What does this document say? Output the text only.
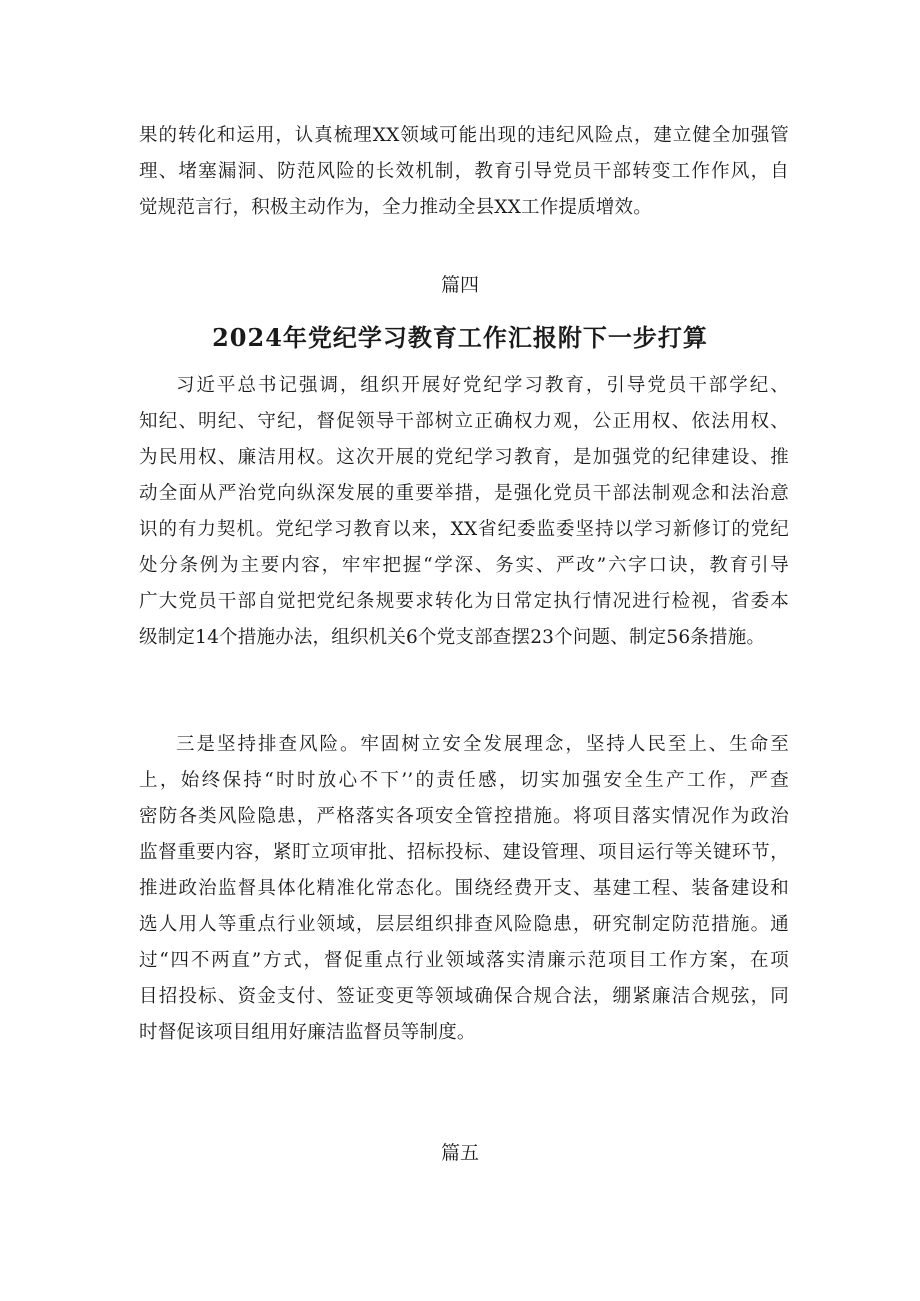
果的转化和运用，认真梳理XX领域可能出现的违纪风险点，建立健全加强管
理、堵塞漏洞、防范风险的长效机制，教育引导党员干部转变工作作风，自
觉规范言行，积极主动作为，全力推动全县XX工作提质增效。

篇四

2024年党纪学习教育工作汇报附下一步打算

习近平总书记强调，组织开展好党纪学习教育，引导党员干部学纪、
知纪、明纪、守纪，督促领导干部树立正确权力观，公正用权、依法用权、
为民用权、廉洁用权。这次开展的党纪学习教育，是加强党的纪律建设、推
动全面从严治党向纵深发展的重要举措，是强化党员干部法制观念和法治意
识的有力契机。党纪学习教育以来，XX省纪委监委坚持以学习新修订的党纪
处分条例为主要内容，牢牢把握“学深、务实、严改”六字口诀，教育引导
广大党员干部自觉把党纪条规要求转化为日常定执行情况进行检视，省委本
级制定14个措施办法，组织机关6个党支部查摆23个问题、制定56条措施。

三是坚持排查风险。牢固树立安全发展理念，坚持人民至上、生命至
上，始终保持“时时放心不下’’的责任感，切实加强安全生产工作，严查
密防各类风险隐患，严格落实各项安全管控措施。将项目落实情况作为政治
监督重要内容，紧盯立项审批、招标投标、建设管理、项目运行等关键环节，
推进政治监督具体化精准化常态化。围绕经费开支、基建工程、装备建设和
选人用人等重点行业领域，层层组织排查风险隐患，研究制定防范措施。通
过“四不两直”方式，督促重点行业领域落实清廉示范项目工作方案，在项
目招投标、资金支付、签证变更等领域确保合规合法，绷紧廉洁合规弦，同
时督促该项目组用好廉洁监督员等制度。

篇五
